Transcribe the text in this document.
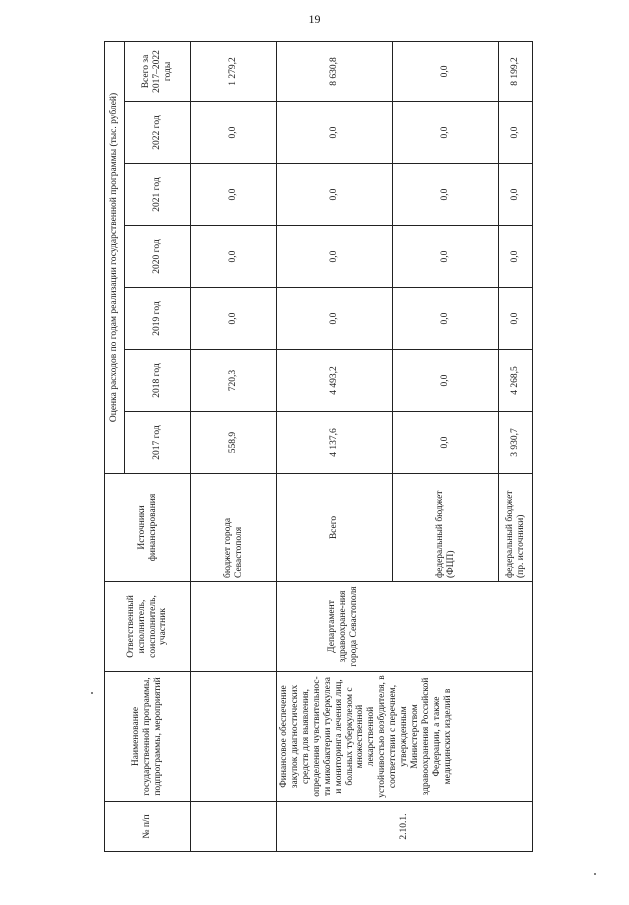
19
№ п/п	Наименование государственной программы, подпрограммы, мероприятий	Ответственный исполнитель, соисполнитель, участник	Источники финансирования	Оценка расходов по годам реализации государственной программы (тыс. рублей)						
				2017 год	2018 год	2019 год	2020 год	2021 год	2022 год	Всего за 2017–2022 годы
			бюджет города Севастополя	558,9	720,3	0,0	0,0	0,0	0,0	1 279,2
2.10.1.	Финансовое обеспечение закупок диагностических средств для выявления, определения чувствительнос-ти микобактерии туберкулеза и мониторинга лечения лиц, больных туберкулезом с множественной лекарственной устойчивостью возбудителя, в соответствии с перечнем, утвержденным Министерством здравоохранения Российской Федерации, а также медицинских изделий в	Департамент здравоохране-ния города Севастополя	Всего	4 137,6	4 493,2	0,0	0,0	0,0	0,0	8 630,8
			федеральный бюджет (ФЦП)	0,0	0,0	0,0	0,0	0,0	0,0	0,0
			федеральный бюджет (пр. источники)	3 930,7	4 268,5	0,0	0,0	0,0	0,0	8 199,2
